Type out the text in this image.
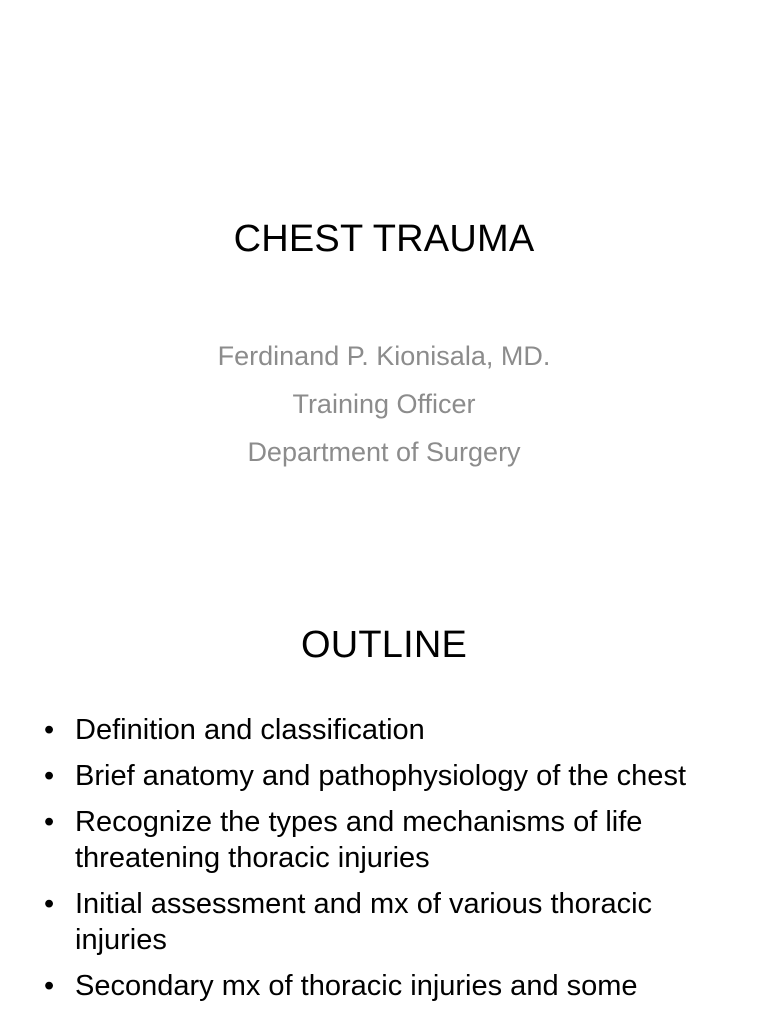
CHEST TRAUMA
Ferdinand P. Kionisala, MD.
Training Officer
Department of Surgery
OUTLINE
• Definition and classification
• Brief anatomy and pathophysiology of the chest
• Recognize the types and mechanisms of life threatening thoracic injuries
• Initial assessment and mx of various thoracic injuries
• Secondary mx of thoracic injuries and some
